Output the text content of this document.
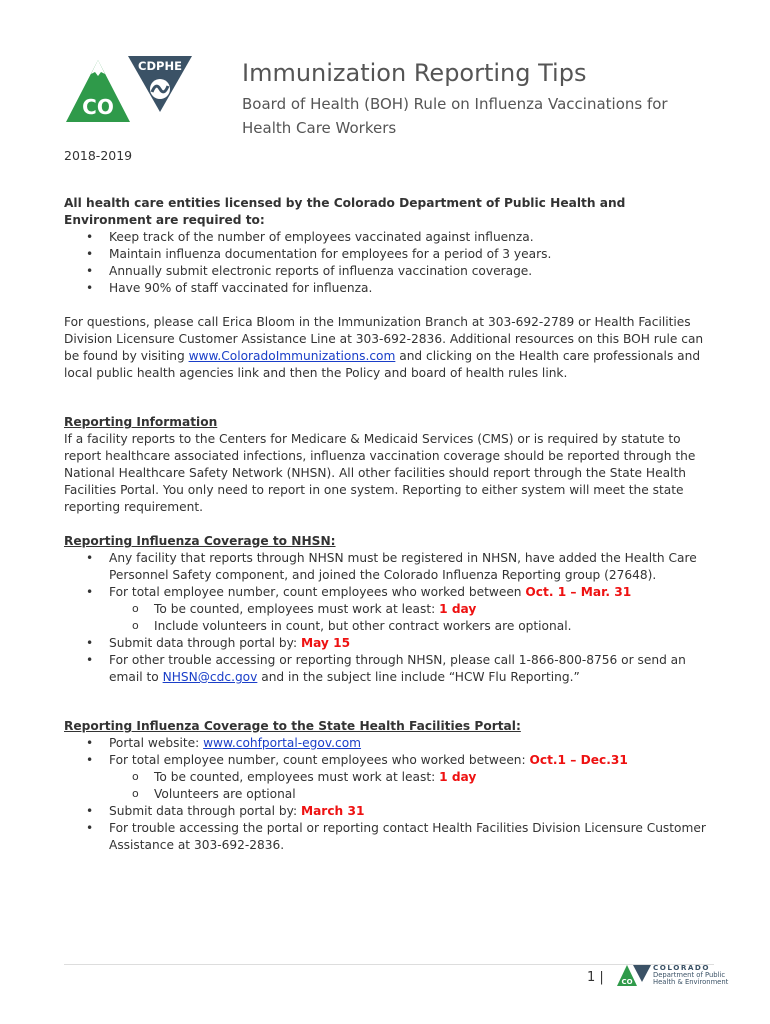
CDPHE
CO
Immunization Reporting Tips
Board of Health (BOH) Rule on Influenza Vaccinations for Health Care Workers
2018-2019

All health care entities licensed by the Colorado Department of Public Health and Environment are required to:

• Keep track of the number of employees vaccinated against influenza.
• Maintain influenza documentation for employees for a period of 3 years.
• Annually submit electronic reports of influenza vaccination coverage.
• Have 90% of staff vaccinated for influenza.

For questions, please call Erica Bloom in the Immunization Branch at 303-692-2789 or Health Facilities Division Licensure Customer Assistance Line at 303-692-2836. Additional resources on this BOH rule can be found by visiting www.ColoradoImmunizations.com and clicking on the Health care professionals and local public health agencies link and then the Policy and board of health rules link.

Reporting Information

If a facility reports to the Centers for Medicare & Medicaid Services (CMS) or is required by statute to report healthcare associated infections, influenza vaccination coverage should be reported through the National Healthcare Safety Network (NHSN). All other facilities should report through the State Health Facilities Portal. You only need to report in one system. Reporting to either system will meet the state reporting requirement.

Reporting Influenza Coverage to NHSN:

• Any facility that reports through NHSN must be registered in NHSN, have added the Health Care Personnel Safety component, and joined the Colorado Influenza Reporting group (27648).
• For total employee number, count employees who worked between Oct. 1 – Mar. 31
o To be counted, employees must work at least: 1 day
o Include volunteers in count, but other contract workers are optional.
• Submit data through portal by: May 15
• For other trouble accessing or reporting through NHSN, please call 1-866-800-8756 or send an email to NHSN@cdc.gov and in the subject line include “HCW Flu Reporting.”

Reporting Influenza Coverage to the State Health Facilities Portal:

• Portal website: www.cohfportal-egov.com
• For total employee number, count employees who worked between: Oct.1 – Dec.31
o To be counted, employees must work at least: 1 day
o Volunteers are optional
• Submit data through portal by: March 31
• For trouble accessing the portal or reporting contact Health Facilities Division Licensure Customer Assistance at 303-692-2836.
1 |	CO
COLORADO
Department of Public
Health & Environment
